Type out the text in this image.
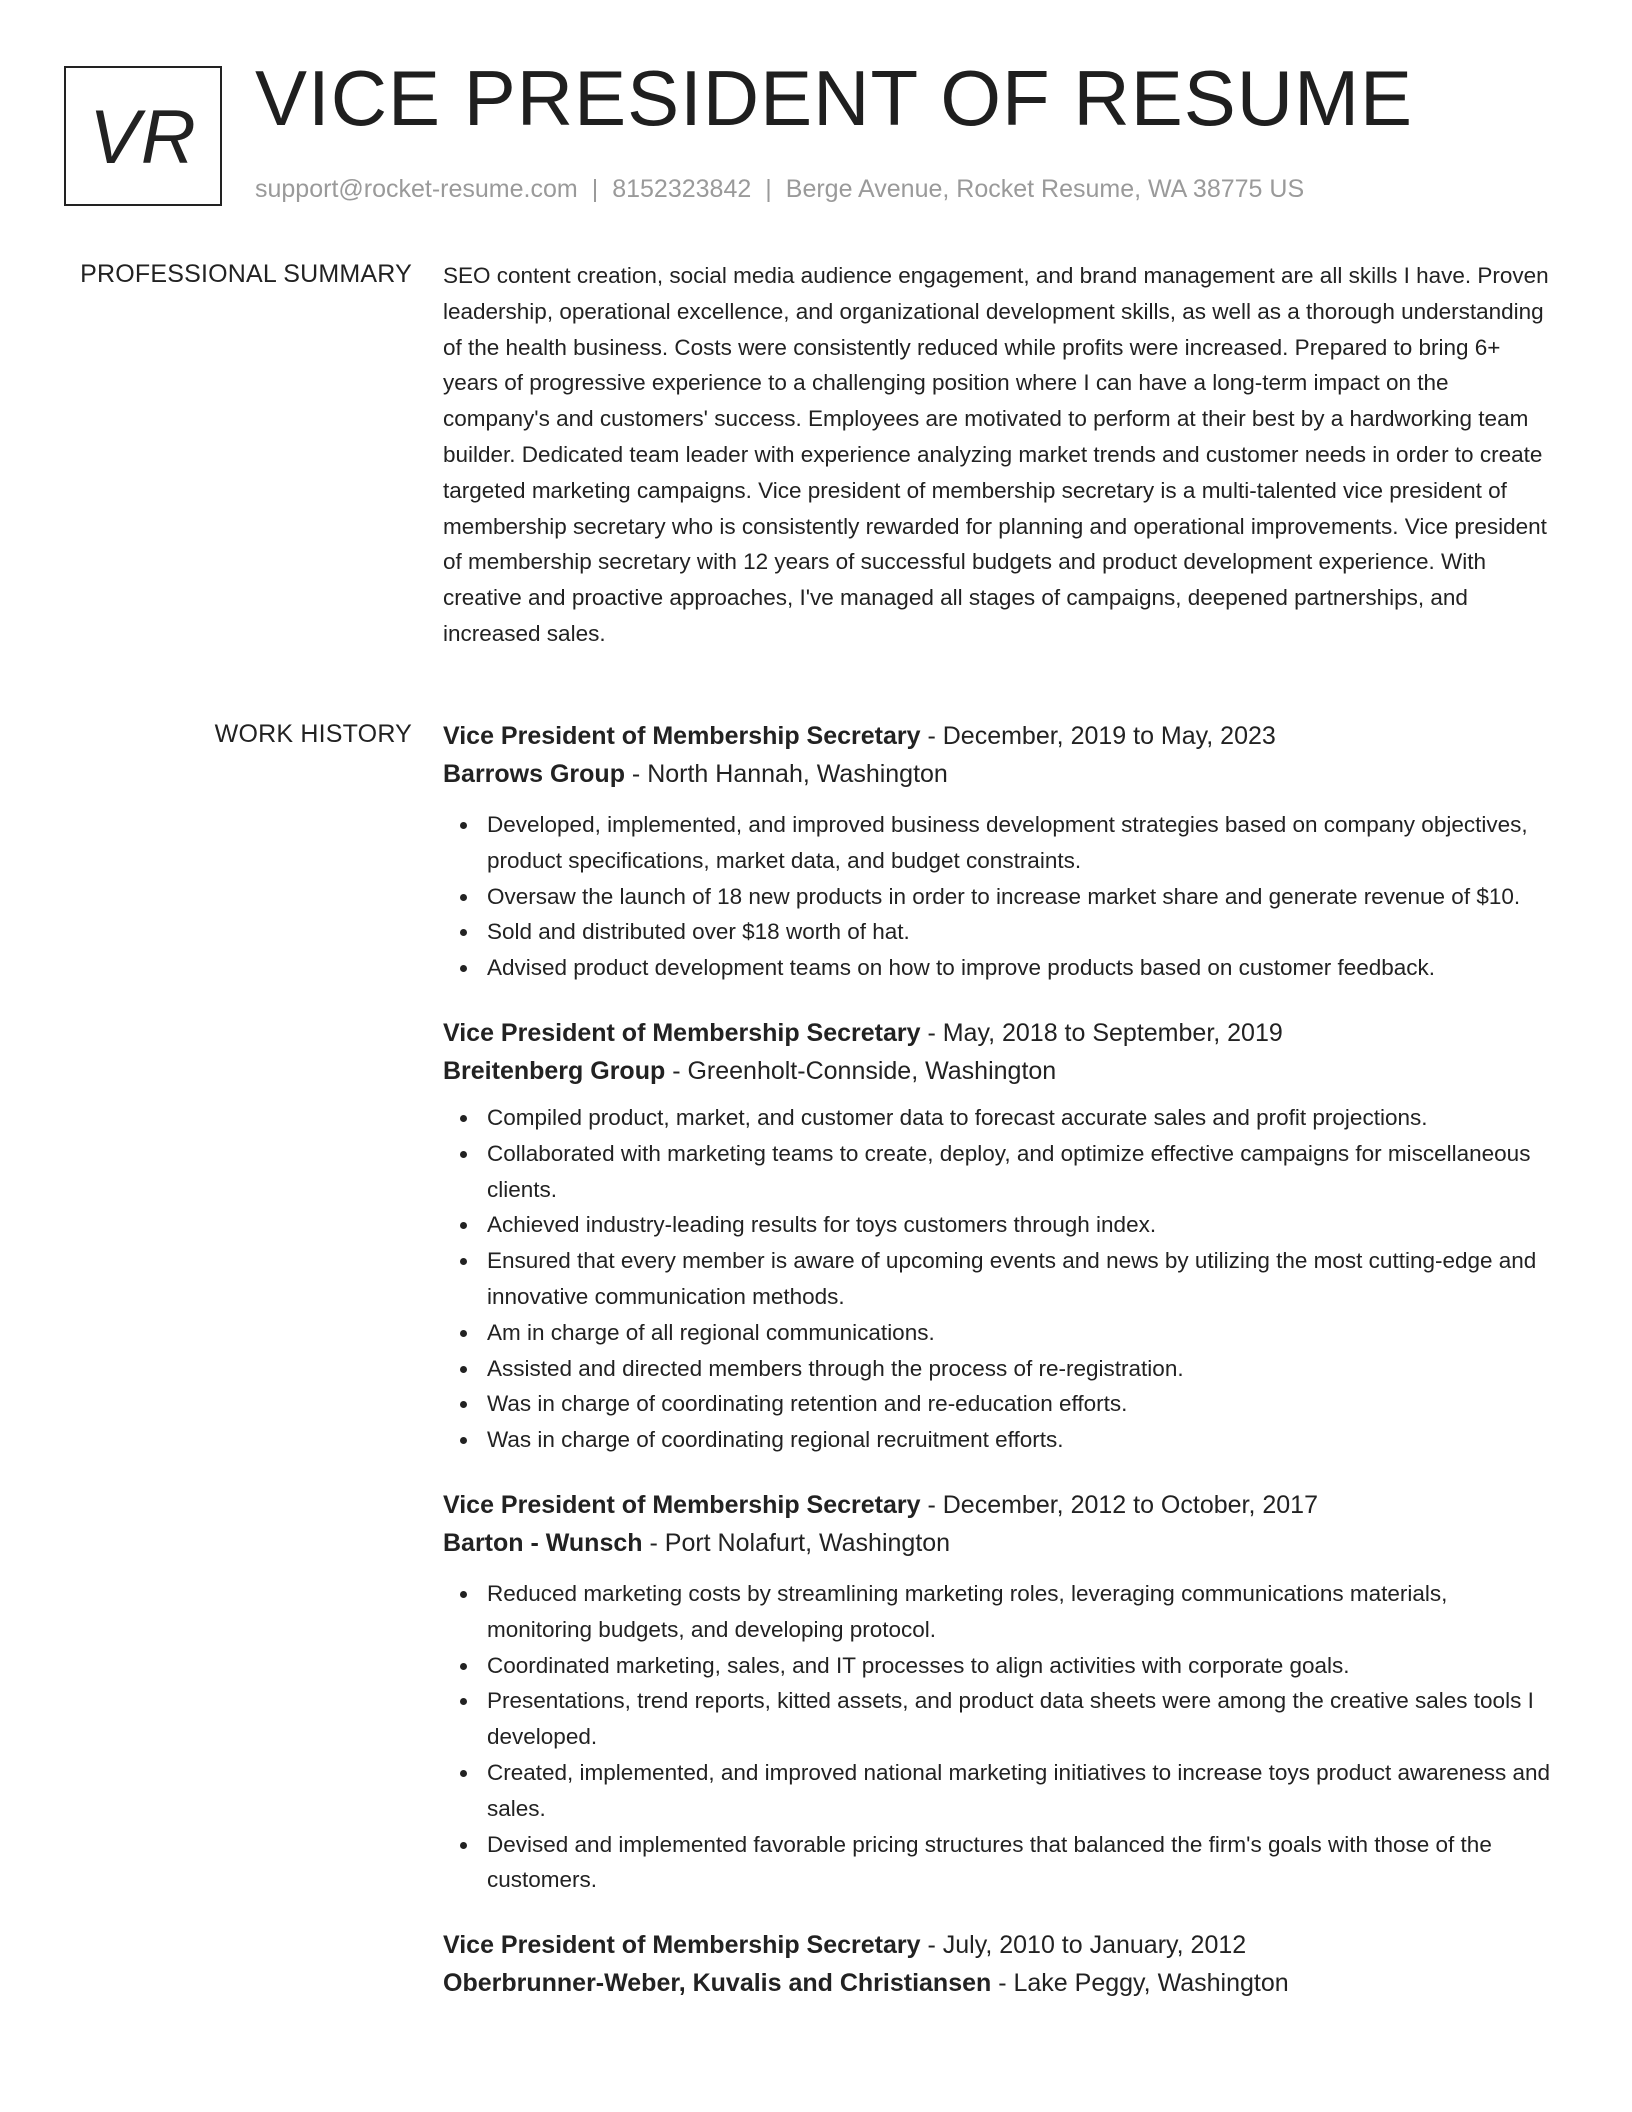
VR VICE PRESIDENT OF RESUME
support@rocket-resume.com | 8152323842 | Berge Avenue, Rocket Resume, WA 38775 US
PROFESSIONAL SUMMARY SEO content creation, social media audience engagement, and brand management are all skills I have. Proven leadership, operational excellence, and organizational development skills, as well as a thorough understanding of the health business. Costs were consistently reduced while profits were increased. Prepared to bring 6+ years of progressive experience to a challenging position where I can have a long-term impact on the company's and customers' success. Employees are motivated to perform at their best by a hardworking team builder. Dedicated team leader with experience analyzing market trends and customer needs in order to create targeted marketing campaigns. Vice president of membership secretary is a multi-talented vice president of membership secretary who is consistently rewarded for planning and operational improvements. Vice president of membership secretary with 12 years of successful budgets and product development experience. With creative and proactive approaches, I've managed all stages of campaigns, deepened partnerships, and increased sales.

WORK HISTORY Vice President of Membership Secretary - December, 2019 to May, 2023
Barrows Group - North Hannah, Washington
Developed, implemented, and improved business development strategies based on company objectives, product specifications, market data, and budget constraints.
Oversaw the launch of 18 new products in order to increase market share and generate revenue of $10.
Sold and distributed over $18 worth of hat.
Advised product development teams on how to improve products based on customer feedback.
Vice President of Membership Secretary - May, 2018 to September, 2019
Breitenberg Group - Greenholt-Connside, Washington
Compiled product, market, and customer data to forecast accurate sales and profit projections.
Collaborated with marketing teams to create, deploy, and optimize effective campaigns for miscellaneous clients.
Achieved industry-leading results for toys customers through index.
Ensured that every member is aware of upcoming events and news by utilizing the most cutting-edge and innovative communication methods.
Am in charge of all regional communications.
Assisted and directed members through the process of re-registration.
Was in charge of coordinating retention and re-education efforts.
Was in charge of coordinating regional recruitment efforts.
Vice President of Membership Secretary - December, 2012 to October, 2017
Barton - Wunsch - Port Nolafurt, Washington
Reduced marketing costs by streamlining marketing roles, leveraging communications materials, monitoring budgets, and developing protocol.
Coordinated marketing, sales, and IT processes to align activities with corporate goals.
Presentations, trend reports, kitted assets, and product data sheets were among the creative sales tools I developed.
Created, implemented, and improved national marketing initiatives to increase toys product awareness and sales.
Devised and implemented favorable pricing structures that balanced the firm's goals with those of the customers.
Vice President of Membership Secretary - July, 2010 to January, 2012
Oberbrunner-Weber, Kuvalis and Christiansen - Lake Peggy, Washington
